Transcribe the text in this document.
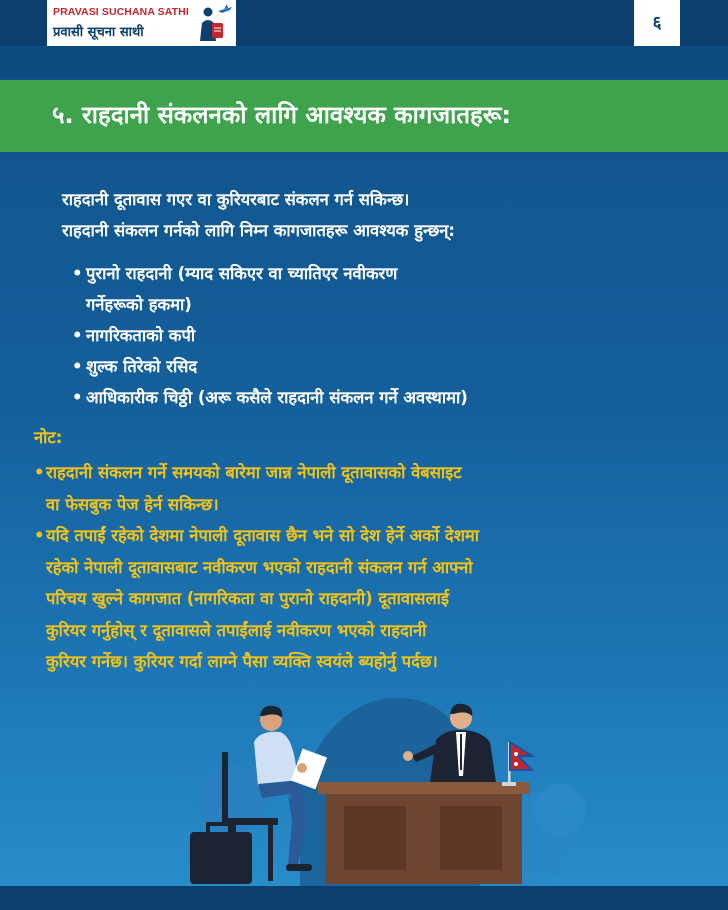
PRAVASI SUCHANA SATHI
प्रवासी सूचना साथी	६
५. राहदानी संकलनको लागि आवश्यक कागजातहरू:
राहदानी दूतावास गएर वा कुरियरबाट संकलन गर्न सकिन्छ।
राहदानी संकलन गर्नको लागि निम्न कागजातहरू आवश्यक हुन्छन्:
• पुरानो राहदानी (म्याद सकिएर वा च्यातिएर नवीकरण
गर्नेहरूको हकमा)
• नागरिकताको कपी
• शुल्क तिरेको रसिद
• आधिकारीक चिठ्ठी (अरू कसैले राहदानी संकलन गर्ने अवस्थामा)
नोट:
• राहदानी संकलन गर्ने समयको बारेमा जान्न नेपाली दूतावासको वेबसाइट
वा फेसबुक पेज हेर्न सकिन्छ।
• यदि तपाईं रहेको देशमा नेपाली दूतावास छैन भने सो देश हेर्ने अर्को देशमा
रहेको नेपाली दूतावासबाट नवीकरण भएको राहदानी संकलन गर्न आफ्नो
परिचय खुल्ने कागजात (नागरिकता वा पुरानो राहदानी) दूतावासलाई
कुरियर गर्नुहोस् र दूतावासले तपाईंलाई नवीकरण भएको राहदानी
कुरियर गर्नेछ। कुरियर गर्दा लाग्ने पैसा व्यक्ति स्वयंले ब्यहोर्नु पर्दछ।
